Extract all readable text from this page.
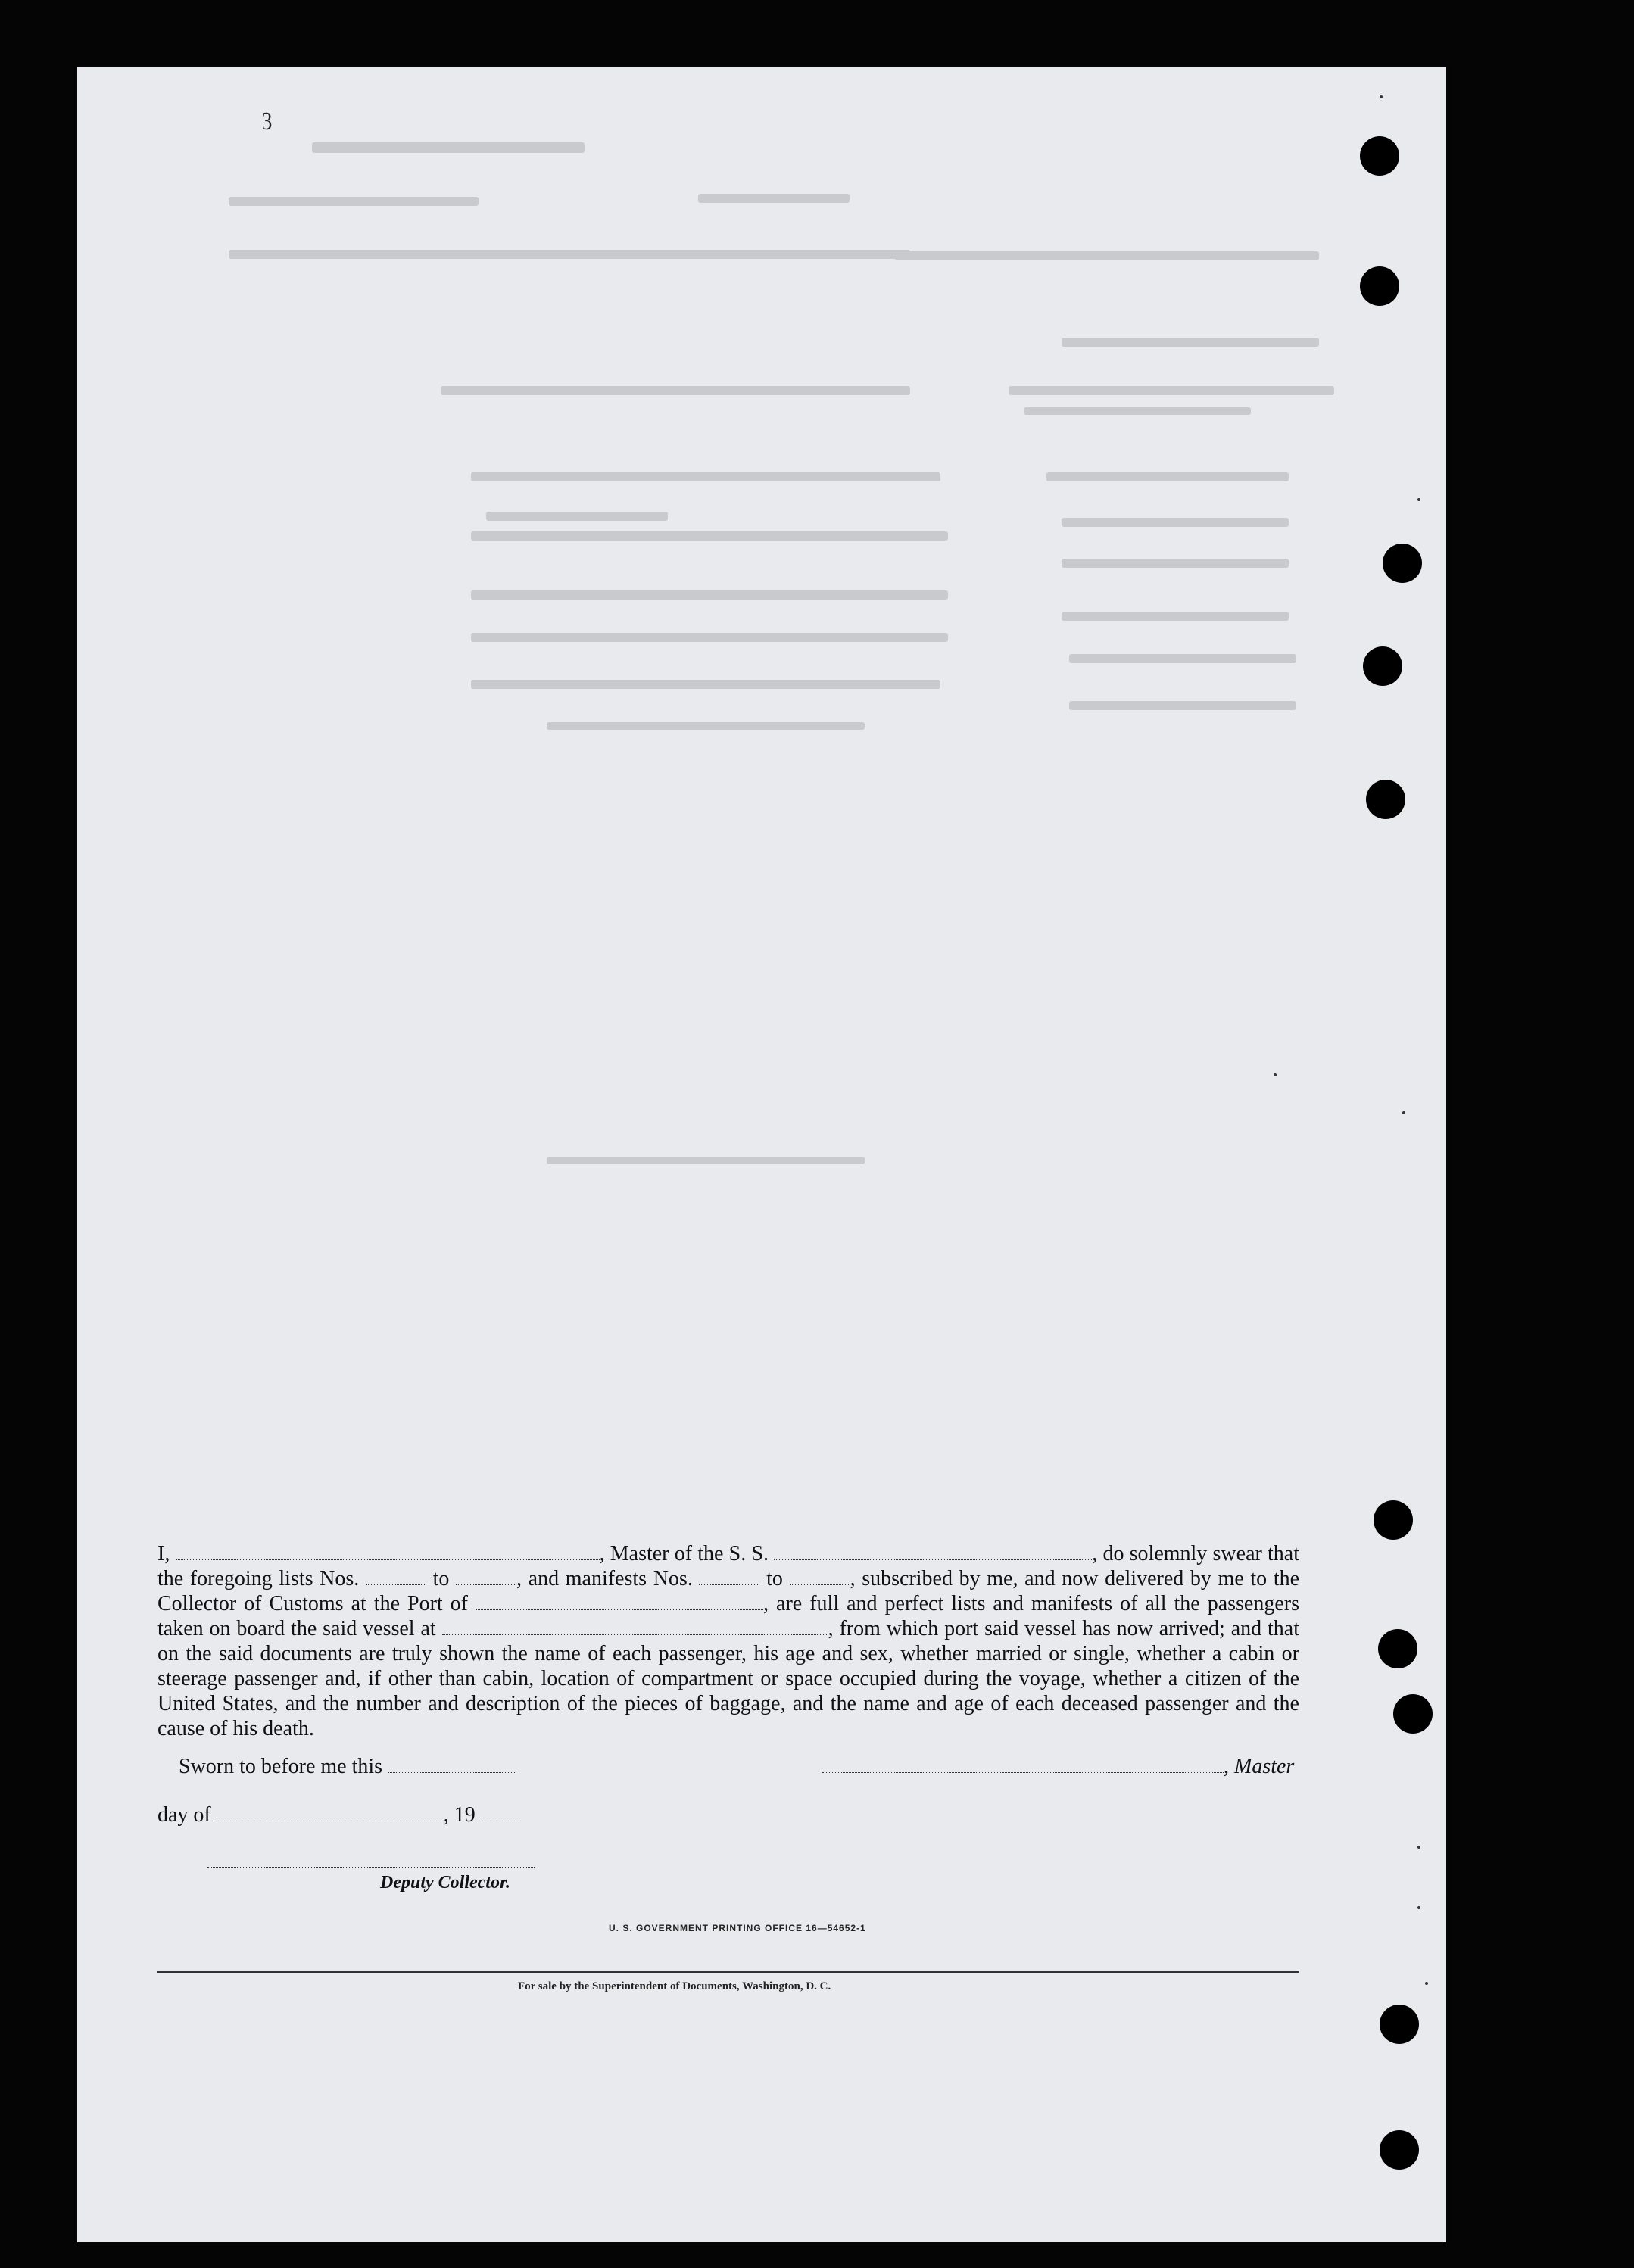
3
I,	, Master of the S. S.	, do solemnly swear that the foregoing lists Nos.	to	, and manifests Nos.	to	, subscribed by me, and now delivered by me to the Collector of Customs at the Port of	, are full and perfect lists and manifests of all the passengers taken on board the said vessel at	, from which port said vessel has now arrived; and that on the said documents are truly shown the name of each passenger, his age and sex, whether married or single, whether a cabin or steerage passenger and, if other than cabin, location of compartment or space occupied during the voyage, whether a citizen of the United States, and the number and description of the pieces of baggage, and the name and age of each deceased passenger and the cause of his death.
Sworn to before me this	, Master
day of	, 19
Deputy Collector.
U. S. GOVERNMENT PRINTING OFFICE 16—54652-1
For sale by the Superintendent of Documents, Washington, D. C.
